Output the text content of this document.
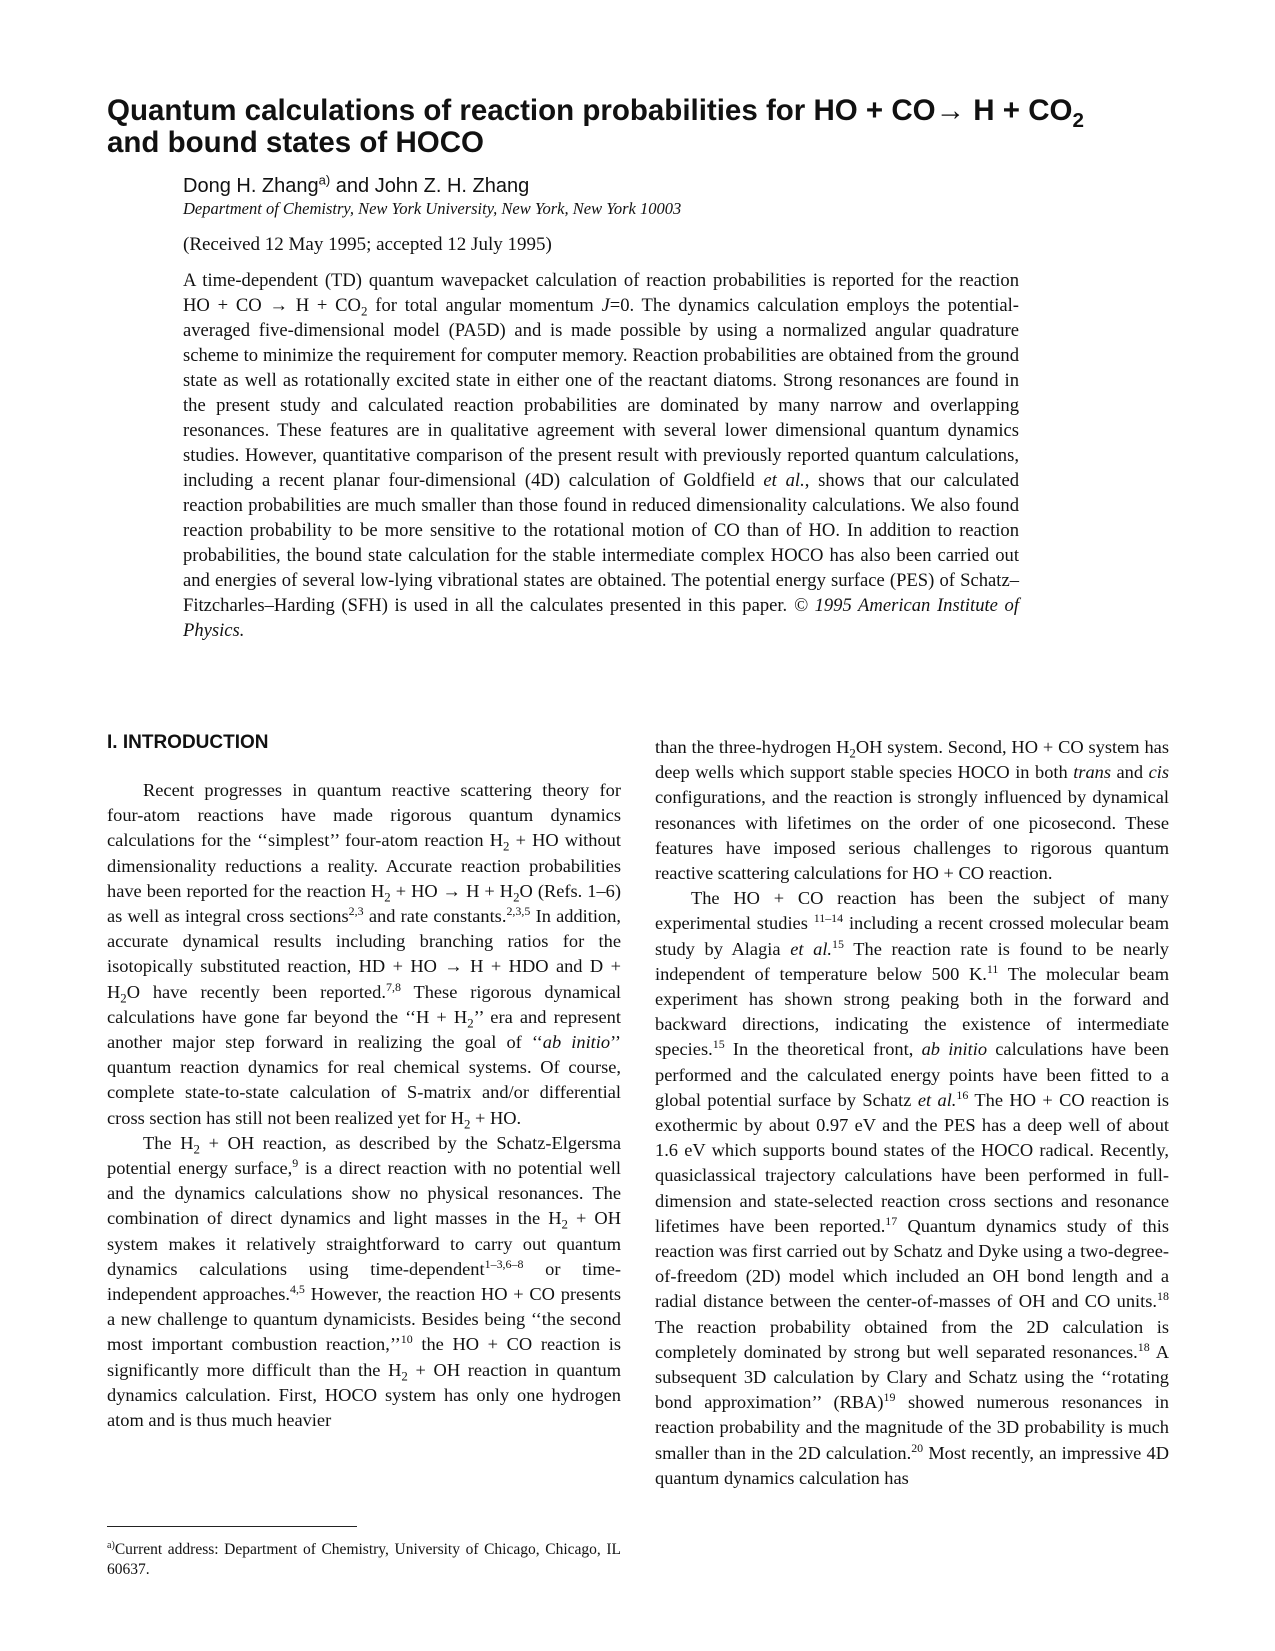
Quantum calculations of reaction probabilities for HO + $CO\to H + CO_2$
and bound states of HOCO
Dong H. Zhang$^{a)}$ and John Z. H. Zhang
Department of Chemistry, New York University, New York, New York 10003
(Received 12 May 1995; accepted 12 July 1995)

A time-dependent (TD) quantum wavepacket calculation of reaction probabilities is reported for the reaction HO + CO → $H + CO_2$ for total angular momentum J=0. The dynamics calculation employs the potential-averaged five-dimensional model (PA5D) and is made possible by using a normalized angular quadrature scheme to minimize the requirement for computer memory. Reaction probabilities are obtained from the ground state as well as rotationally excited state in either one of the reactant diatoms. Strong resonances are found in the present study and calculated reaction probabilities are dominated by many narrow and overlapping resonances. These features are in qualitative agreement with several lower dimensional quantum dynamics studies. However, quantitative comparison of the present result with previously reported quantum calculations, including a recent planar four-dimensional (4D) calculation of Goldfield et al., shows that our calculated reaction probabilities are much smaller than those found in reduced dimensionality calculations. We also found reaction probability to be more sensitive to the rotational motion of CO than of HO. In addition to reaction probabilities, the bound state calculation for the stable intermediate complex HOCO has also been carried out and energies of several low-lying vibrational states are obtained. The potential energy surface (PES) of Schatz–Fitzcharles–Harding (SFH) is used in all the calculates presented in this paper. © 1995 American Institute of Physics.

I. INTRODUCTION

Recent progresses in quantum reactive scattering theory for four-atom reactions have made rigorous quantum dynamics calculations for the ‘‘simplest’’ four-atom reaction $H_2$ + HO without dimensionality reductions a reality. Accurate reaction probabilities have been reported for the reaction $H_2$ + HO → $H + H_2O$ (Refs. 1–6) as well as integral cross sections$^{2,3}$ and rate constants.$^{2,3,5}$ In addition, accurate dynamical results including branching ratios for the isotopically substituted reaction, HD + HO → H + HDO and $D + H_2O$ have recently been reported.$^{7,8}$ These rigorous dynamical calculations have gone far beyond the ‘‘$H + H_2$’’ era and represent another major step forward in realizing the goal of ‘‘ab initio’’ quantum reaction dynamics for real chemical systems. Of course, complete state-to-state calculation of S-matrix and/or differential cross section has still not been realized yet for $H_2$ + HO.

The $H_2$ + OH reaction, as described by the Schatz-Elgersma potential energy surface,$^9$ is a direct reaction with no potential well and the dynamics calculations show no physical resonances. The combination of direct dynamics and light masses in the $H_2$ + OH system makes it relatively straightforward to carry out quantum dynamics calculations using time-dependent$^{1-3,6-8}$ or time-independent approaches.$^{4,5}$ However, the reaction HO + CO presents a new challenge to quantum dynamicists. Besides being ‘‘the second most important combustion reaction,’’$^{10}$ the HO + CO reaction is significantly more difficult than the $H_2$ + OH reaction in quantum dynamics calculation. First, HOCO system has only one hydrogen atom and is thus much heavier

$^{a)}$Current address: Department of Chemistry, University of Chicago, Chicago, IL 60637.

than the three-hydrogen $H_2OH$ system. Second, HO + CO system has deep wells which support stable species HOCO in both trans and cis configurations, and the reaction is strongly influenced by dynamical resonances with lifetimes on the order of one picosecond. These features have imposed serious challenges to rigorous quantum reactive scattering calculations for HO + CO reaction.

The HO + CO reaction has been the subject of many experimental studies $^{11-14}$ including a recent crossed molecular beam study by Alagia et al.$^{15}$ The reaction rate is found to be nearly independent of temperature below 500 K.$^{11}$ The molecular beam experiment has shown strong peaking both in the forward and backward directions, indicating the existence of intermediate species.$^{15}$ In the theoretical front, ab initio calculations have been performed and the calculated energy points have been fitted to a global potential surface by Schatz et al.$^{16}$ The HO + CO reaction is exothermic by about 0.97 eV and the PES has a deep well of about 1.6 eV which supports bound states of the HOCO radical. Recently, quasiclassical trajectory calculations have been performed in full-dimension and state-selected reaction cross sections and resonance lifetimes have been reported.$^{17}$ Quantum dynamics study of this reaction was first carried out by Schatz and Dyke using a two-degree-of-freedom (2D) model which included an OH bond length and a radial distance between the center-of-masses of OH and CO units.$^{18}$ The reaction probability obtained from the 2D calculation is completely dominated by strong but well separated resonances.$^{18}$ A subsequent 3D calculation by Clary and Schatz using the ‘‘rotating bond approximation’’ (RBA)$^{19}$ showed numerous resonances in reaction probability and the magnitude of the 3D probability is much smaller than in the 2D calculation.$^{20}$ Most recently, an impressive 4D quantum dynamics calculation has
